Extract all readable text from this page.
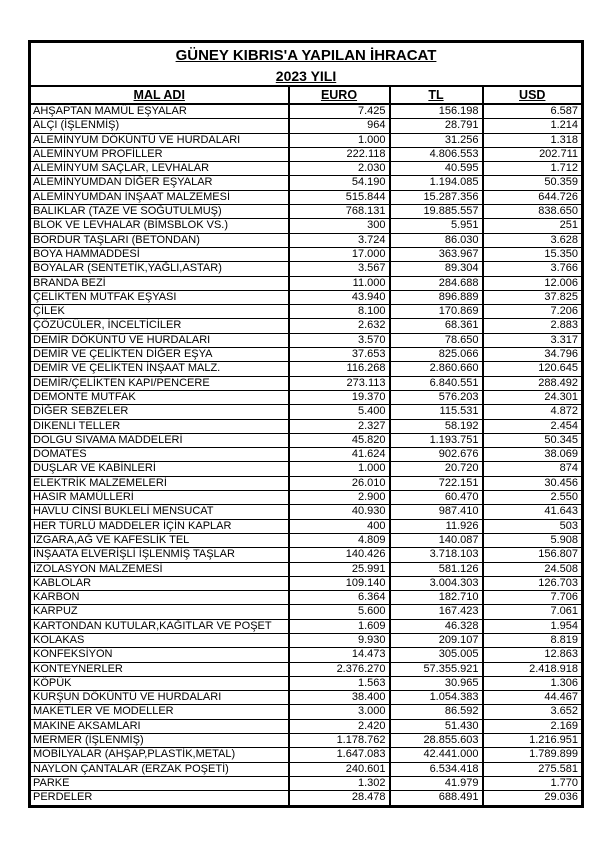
GÜNEY KIBRIS'A YAPILAN İHRACAT			
2023 YILI			
MAL ADI	EURO	TL	USD
AHŞAPTAN MAMÜL EŞYALAR	7.425	156.198	6.587
ALÇI (İŞLENMİŞ)	964	28.791	1.214
ALEMİNYUM DÖKÜNTÜ VE HURDALARI	1.000	31.256	1.318
ALEMİNYUM PROFİLLER	222.118	4.806.553	202.711
ALEMİNYUM SAÇLAR, LEVHALAR	2.030	40.595	1.712
ALEMİNYUMDAN DİĞER EŞYALAR	54.190	1.194.085	50.359
ALEMİNYUMDAN İNŞAAT MALZEMESİ	515.844	15.287.356	644.726
BALIKLAR (TAZE VE SOĞUTULMUŞ)	768.131	19.885.557	838.650
BLOK VE LEVHALAR (BİMSBLOK VS.)	300	5.951	251
BORDUR TAŞLARI (BETONDAN)	3.724	86.030	3.628
BOYA HAMMADDESİ	17.000	363.967	15.350
BOYALAR (SENTETİK,YAĞLI,ASTAR)	3.567	89.304	3.766
BRANDA BEZİ	11.000	284.688	12.006
ÇELİKTEN MUTFAK EŞYASI	43.940	896.889	37.825
ÇİLEK	8.100	170.869	7.206
ÇÖZÜCÜLER, İNCELTİCİLER	2.632	68.361	2.883
DEMİR DÖKÜNTÜ VE HURDALARI	3.570	78.650	3.317
DEMİR VE ÇELİKTEN DİĞER EŞYA	37.653	825.066	34.796
DEMİR VE ÇELİKTEN İNŞAAT MALZ.	116.268	2.860.660	120.645
DEMİR/ÇELİKTEN KAPI/PENCERE	273.113	6.840.551	288.492
DEMONTE MUTFAK	19.370	576.203	24.301
DİĞER SEBZELER	5.400	115.531	4.872
DIKENLI TELLER	2.327	58.192	2.454
DOLGU SIVAMA MADDELERİ	45.820	1.193.751	50.345
DOMATES	41.624	902.676	38.069
DUŞLAR VE KABİNLERİ	1.000	20.720	874
ELEKTRİK MALZEMELERİ	26.010	722.151	30.456
HASIR MAMÜLLERİ	2.900	60.470	2.550
HAVLU CİNSİ BUKLELİ MENSUCAT	40.930	987.410	41.643
HER TÜRLÜ MADDELER İÇİN KAPLAR	400	11.926	503
IZGARA,AĞ VE KAFESLİK TEL	4.809	140.087	5.908
İNŞAATA ELVERİŞLİ İŞLENMİŞ TAŞLAR	140.426	3.718.103	156.807
İZOLASYON MALZEMESİ	25.991	581.126	24.508
KABLOLAR	109.140	3.004.303	126.703
KARBON	6.364	182.710	7.706
KARPUZ	5.600	167.423	7.061
KARTONDAN KUTULAR,KAĞITLAR VE POŞET	1.609	46.328	1.954
KOLAKAS	9.930	209.107	8.819
KONFEKSİYON	14.473	305.005	12.863
KONTEYNERLER	2.376.270	57.355.921	2.418.918
KÖPÜK	1.563	30.965	1.306
KURŞUN DÖKÜNTÜ VE HURDALARI	38.400	1.054.383	44.467
MAKETLER VE MODELLER	3.000	86.592	3.652
MAKINE AKSAMLARI	2.420	51.430	2.169
MERMER (İŞLENMİŞ)	1.178.762	28.855.603	1.216.951
MOBİLYALAR (AHŞAP,PLASTİK,METAL)	1.647.083	42.441.000	1.789.899
NAYLON ÇANTALAR (ERZAK POŞETİ)	240.601	6.534.418	275.581
PARKE	1.302	41.979	1.770
PERDELER	28.478	688.491	29.036
